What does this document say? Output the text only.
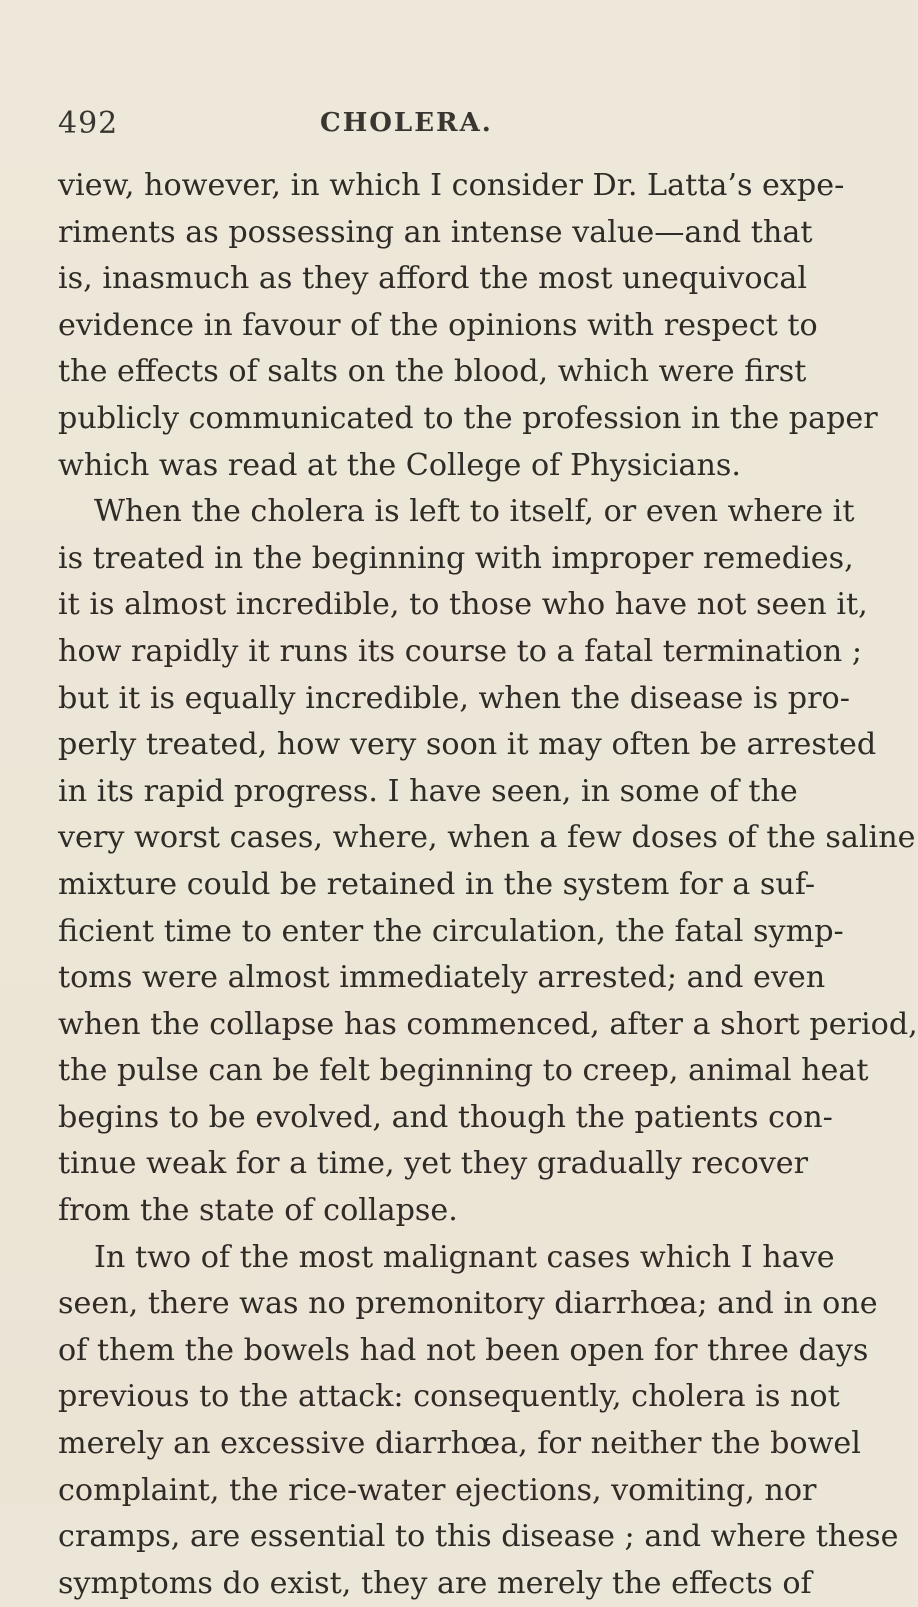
492	CHOLERA.
view, however, in which I consider Dr. Latta’s expe-
riments as possessing an intense value—and that
is, inasmuch as they afford the most unequivocal
evidence in favour of the opinions with respect to
the effects of salts on the blood, which were first
publicly communicated to the profession in the paper
which was read at the College of Physicians.
When the cholera is left to itself, or even where it
is treated in the beginning with improper remedies,
it is almost incredible, to those who have not seen it,
how rapidly it runs its course to a fatal termination ;
but it is equally incredible, when the disease is pro-
perly treated, how very soon it may often be arrested
in its rapid progress. I have seen, in some of the
very worst cases, where, when a few doses of the saline
mixture could be retained in the system for a suf-
ficient time to enter the circulation, the fatal symp-
toms were almost immediately arrested; and even
when the collapse has commenced, after a short period,
the pulse can be felt beginning to creep, animal heat
begins to be evolved, and though the patients con-
tinue weak for a time, yet they gradually recover
from the state of collapse.
In two of the most malignant cases which I have
seen, there was no premonitory diarrhœa; and in one
of them the bowels had not been open for three days
previous to the attack: consequently, cholera is not
merely an excessive diarrhœa, for neither the bowel
complaint, the rice-water ejections, vomiting, nor
cramps, are essential to this disease ; and where these
symptoms do exist, they are merely the effects of
